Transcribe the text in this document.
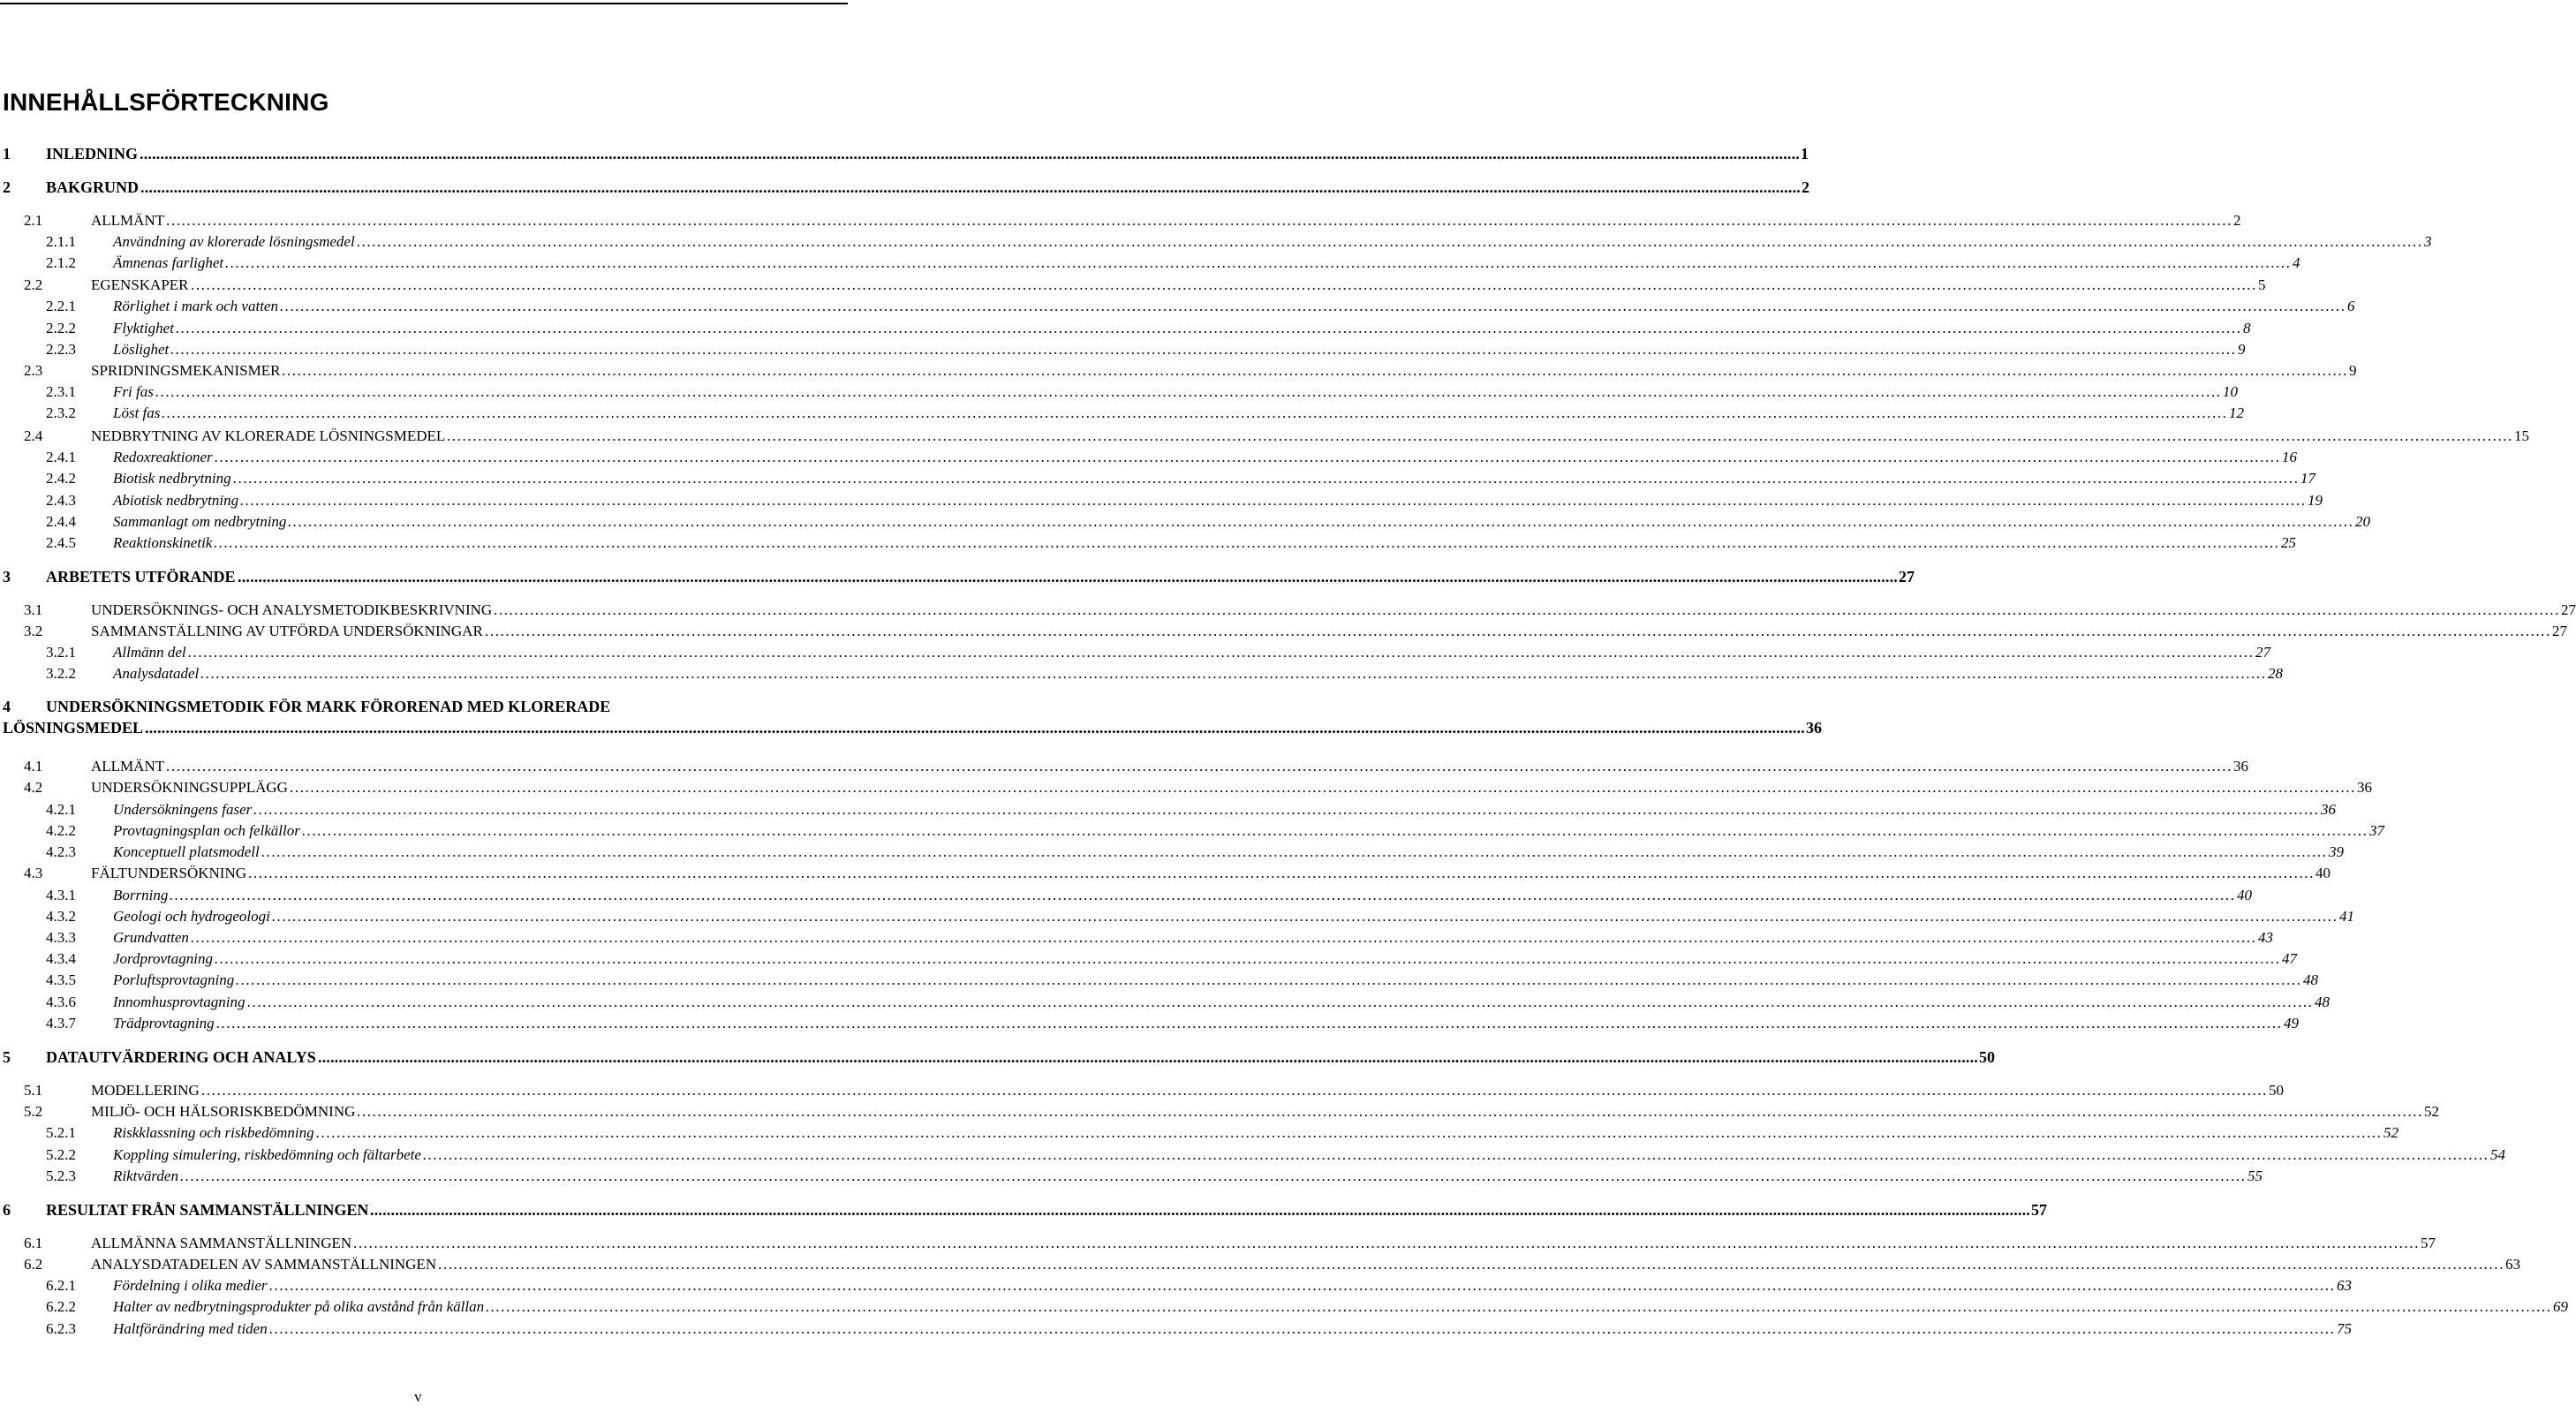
INNEHÅLLSFÖRTECKNING
1 INLEDNING ................................................................................................................................................................................................................................................................................................................................................................................................................ 1
2 BAKGRUND ................................................................................................................................................................................................................................................................................................................................................................................................................ 2
2.1	ALLMÄNT ................................................................................................................................................................................................................................................................................................................................................................................................................ 2
2.1.1 Användning av klorerade lösningsmedel ................................................................................................................................................................................................................................................................................................................................................................................................................ 3
2.1.2 Ämnenas farlighet ................................................................................................................................................................................................................................................................................................................................................................................................................ 4
2.2	EGENSKAPER ................................................................................................................................................................................................................................................................................................................................................................................................................ 5
2.2.1 Rörlighet i mark och vatten ................................................................................................................................................................................................................................................................................................................................................................................................................ 6
2.2.2 Flyktighet ................................................................................................................................................................................................................................................................................................................................................................................................................ 8
2.2.3 Löslighet ................................................................................................................................................................................................................................................................................................................................................................................................................ 9
2.3	SPRIDNINGSMEKANISMER ................................................................................................................................................................................................................................................................................................................................................................................................................ 9
2.3.1 Fri fas ................................................................................................................................................................................................................................................................................................................................................................................................................ 10
2.3.2 Löst fas ................................................................................................................................................................................................................................................................................................................................................................................................................ 12
2.4	NEDBRYTNING AV KLORERADE LÖSNINGSMEDEL ................................................................................................................................................................................................................................................................................................................................................................................................................ 15
2.4.1 Redoxreaktioner ................................................................................................................................................................................................................................................................................................................................................................................................................ 16
2.4.2 Biotisk nedbrytning ................................................................................................................................................................................................................................................................................................................................................................................................................ 17
2.4.3 Abiotisk nedbrytning ................................................................................................................................................................................................................................................................................................................................................................................................................ 19
2.4.4 Sammanlagt om nedbrytning ................................................................................................................................................................................................................................................................................................................................................................................................................ 20
2.4.5 Reaktionskinetik ................................................................................................................................................................................................................................................................................................................................................................................................................ 25
3 ARBETETS UTFÖRANDE ................................................................................................................................................................................................................................................................................................................................................................................................................ 27
3.1	UNDERSÖKNINGS- OCH ANALYSMETODIKBESKRIVNING ................................................................................................................................................................................................................................................................................................................................................................................................................ 27
3.2	SAMMANSTÄLLNING AV UTFÖRDA UNDERSÖKNINGAR ................................................................................................................................................................................................................................................................................................................................................................................................................ 27
3.2.1 Allmänn del ................................................................................................................................................................................................................................................................................................................................................................................................................ 27
3.2.2 Analysdatadel ................................................................................................................................................................................................................................................................................................................................................................................................................ 28
4 UNDERSÖKNINGSMETODIK FÖR MARK FÖRORENAD MED KLORERADE
LÖSNINGSMEDEL ................................................................................................................................................................................................................................................................................................................................................................................................................ 36
4.1	ALLMÄNT ................................................................................................................................................................................................................................................................................................................................................................................................................ 36
4.2	UNDERSÖKNINGSUPPLÄGG ................................................................................................................................................................................................................................................................................................................................................................................................................ 36
4.2.1 Undersökningens faser ................................................................................................................................................................................................................................................................................................................................................................................................................ 36
4.2.2 Provtagningsplan och felkällor ................................................................................................................................................................................................................................................................................................................................................................................................................ 37
4.2.3 Konceptuell platsmodell ................................................................................................................................................................................................................................................................................................................................................................................................................ 39
4.3	FÄLTUNDERSÖKNING ................................................................................................................................................................................................................................................................................................................................................................................................................ 40
4.3.1 Borrning ................................................................................................................................................................................................................................................................................................................................................................................................................ 40
4.3.2 Geologi och hydrogeologi ................................................................................................................................................................................................................................................................................................................................................................................................................ 41
4.3.3 Grundvatten ................................................................................................................................................................................................................................................................................................................................................................................................................ 43
4.3.4 Jordprovtagning ................................................................................................................................................................................................................................................................................................................................................................................................................ 47
4.3.5 Porluftsprovtagning ................................................................................................................................................................................................................................................................................................................................................................................................................ 48
4.3.6 Innomhusprovtagning ................................................................................................................................................................................................................................................................................................................................................................................................................ 48
4.3.7 Trädprovtagning ................................................................................................................................................................................................................................................................................................................................................................................................................ 49
5 DATAUTVÄRDERING OCH ANALYS ................................................................................................................................................................................................................................................................................................................................................................................................................ 50
5.1	MODELLERING ................................................................................................................................................................................................................................................................................................................................................................................................................ 50
5.2	MILJÖ- OCH HÄLSORISKBEDÖMNING ................................................................................................................................................................................................................................................................................................................................................................................................................ 52
5.2.1 Riskklassning och riskbedömning ................................................................................................................................................................................................................................................................................................................................................................................................................ 52
5.2.2 Koppling simulering, riskbedömning och fältarbete ................................................................................................................................................................................................................................................................................................................................................................................................................ 54
5.2.3 Riktvärden ................................................................................................................................................................................................................................................................................................................................................................................................................ 55
6 RESULTAT FRÅN SAMMANSTÄLLNINGEN ................................................................................................................................................................................................................................................................................................................................................................................................................ 57
6.1	ALLMÄNNA SAMMANSTÄLLNINGEN ................................................................................................................................................................................................................................................................................................................................................................................................................ 57
6.2	ANALYSDATADELEN AV SAMMANSTÄLLNINGEN ................................................................................................................................................................................................................................................................................................................................................................................................................ 63
6.2.1 Fördelning i olika medier ................................................................................................................................................................................................................................................................................................................................................................................................................ 63
6.2.2 Halter av nedbrytningsprodukter på olika avstånd från källan ................................................................................................................................................................................................................................................................................................................................................................................................................ 69
6.2.3 Haltförändring med tiden ................................................................................................................................................................................................................................................................................................................................................................................................................ 75
v
